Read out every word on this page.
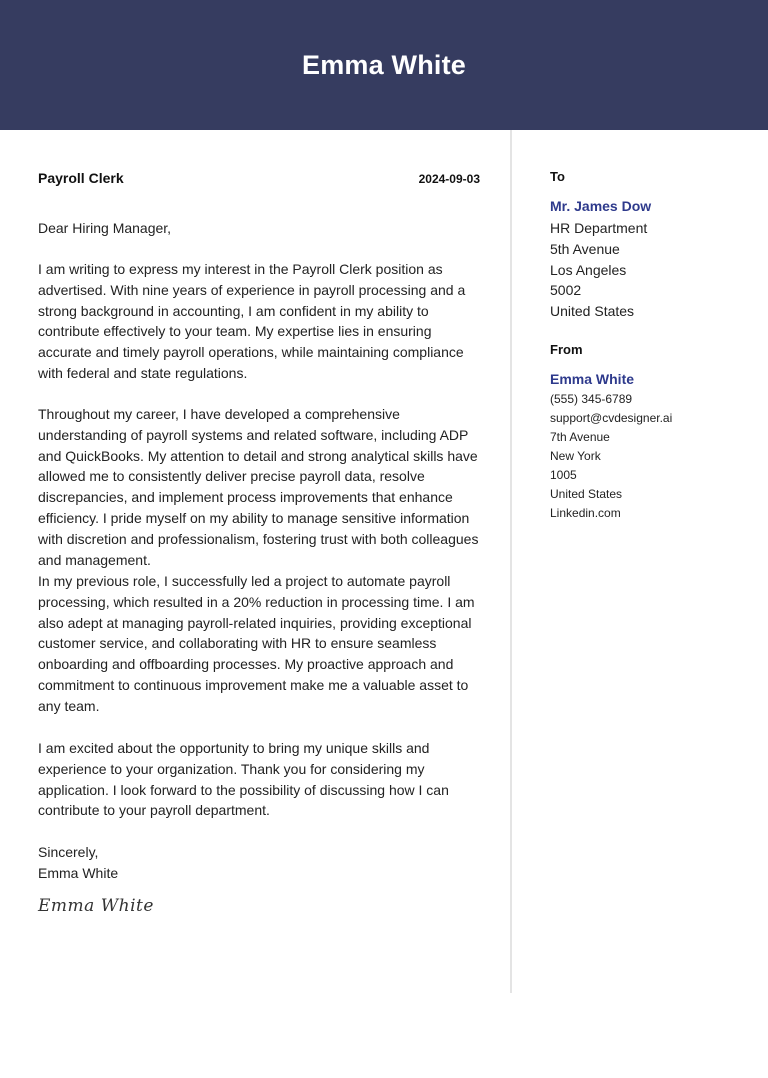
Emma White
Payroll Clerk	2024-09-03
Dear Hiring Manager,

I am writing to express my interest in the Payroll Clerk position as advertised. With nine years of experience in payroll processing and a strong background in accounting, I am confident in my ability to contribute effectively to your team. My expertise lies in ensuring accurate and timely payroll operations, while maintaining compliance with federal and state regulations.

Throughout my career, I have developed a comprehensive understanding of payroll systems and related software, including ADP and QuickBooks. My attention to detail and strong analytical skills have allowed me to consistently deliver precise payroll data, resolve discrepancies, and implement process improvements that enhance efficiency. I pride myself on my ability to manage sensitive information with discretion and professionalism, fostering trust with both colleagues and management.

In my previous role, I successfully led a project to automate payroll processing, which resulted in a 20% reduction in processing time. I am also adept at managing payroll-related inquiries, providing exceptional customer service, and collaborating with HR to ensure seamless onboarding and offboarding processes. My proactive approach and commitment to continuous improvement make me a valuable asset to any team.

I am excited about the opportunity to bring my unique skills and experience to your organization. Thank you for considering my application. I look forward to the possibility of discussing how I can contribute to your payroll department.

Sincerely,
Emma White
Emma White
To
Mr. James Dow
HR Department
5th Avenue
Los Angeles
5002
United States
From
Emma White
(555) 345-6789
support@cvdesigner.ai
7th Avenue
New York
1005
United States
Linkedin.com
